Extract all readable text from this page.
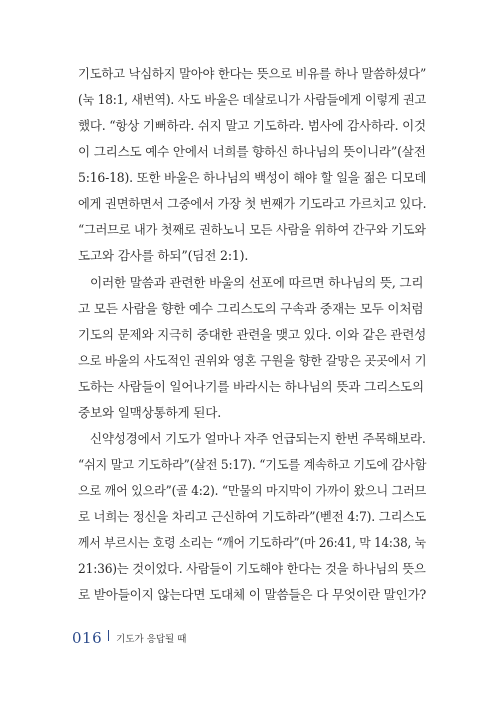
기도하고 낙심하지 말아야 한다는 뜻으로 비유를 하나 말씀하셨다”
(눅 18:1, 새번역). 사도 바울은 데살로니가 사람들에게 이렇게 권고
했다. “항상 기뻐하라. 쉬지 말고 기도하라. 범사에 감사하라. 이것
이 그리스도 예수 안에서 너희를 향하신 하나님의 뜻이니라”(살전
5:16-18). 또한 바울은 하나님의 백성이 해야 할 일을 젊은 디모데
에게 권면하면서 그중에서 가장 첫 번째가 기도라고 가르치고 있다.
“그러므로 내가 첫째로 권하노니 모든 사람을 위하여 간구와 기도와
도고와 감사를 하되”(딤전 2:1).
이러한 말씀과 관련한 바울의 선포에 따르면 하나님의 뜻, 그리
고 모든 사람을 향한 예수 그리스도의 구속과 중재는 모두 이처럼
기도의 문제와 지극히 중대한 관련을 맺고 있다. 이와 같은 관련성
으로 바울의 사도적인 권위와 영혼 구원을 향한 갈망은 곳곳에서 기
도하는 사람들이 일어나기를 바라시는 하나님의 뜻과 그리스도의
중보와 일맥상통하게 된다.
신약성경에서 기도가 얼마나 자주 언급되는지 한번 주목해보라.
“쉬지 말고 기도하라”(살전 5:17). “기도를 계속하고 기도에 감사함
으로 깨어 있으라”(골 4:2). “만물의 마지막이 가까이 왔으니 그러므
로 너희는 정신을 차리고 근신하여 기도하라”(벧전 4:7). 그리스도
께서 부르시는 호령 소리는 “깨어 기도하라”(마 26:41, 막 14:38, 눅
21:36)는 것이었다. 사람들이 기도해야 한다는 것을 하나님의 뜻으
로 받아들이지 않는다면 도대체 이 말씀들은 다 무엇이란 말인가?
016 기도가 응답될 때
